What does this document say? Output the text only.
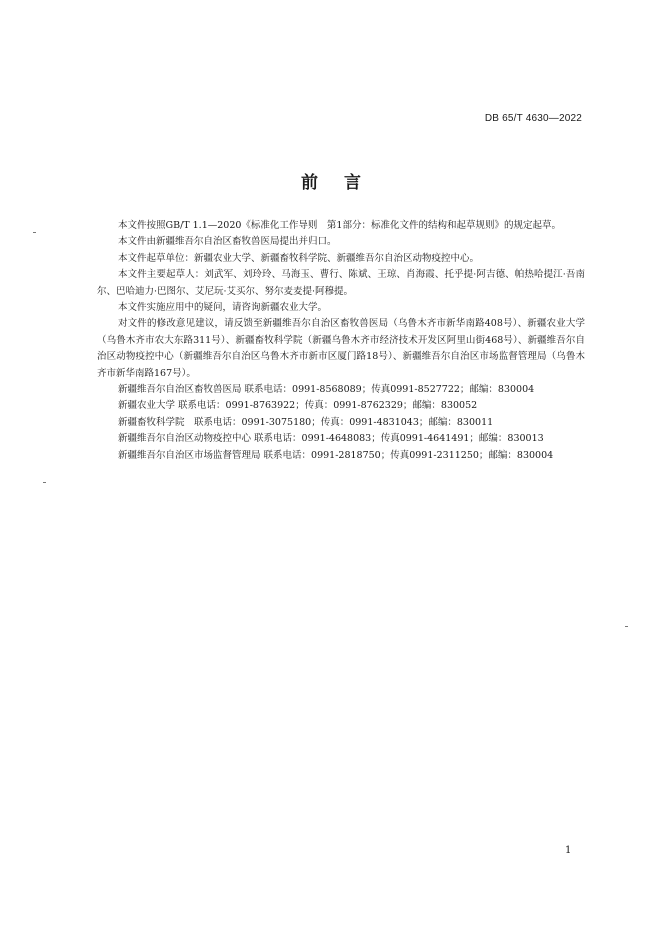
DB 65/T 4630—2022
前 言

本文件按照GB/T 1.1—2020《标准化工作导则　第1部分：标准化文件的结构和起草规则》的规定起草。

本文件由新疆维吾尔自治区畜牧兽医局提出并归口。

本文件起草单位：新疆农业大学、新疆畜牧科学院、新疆维吾尔自治区动物疫控中心。

本文件主要起草人：刘武军、刘玲玲、马海玉、曹行、陈斌、王琼、肖海霞、托乎提·阿吉德、帕热哈提江·吾南尔、巴哈迪力·巴图尔、艾尼玩·艾买尔、努尔麦麦提·阿穆提。

本文件实施应用中的疑问，请咨询新疆农业大学。

对文件的修改意见建议，请反馈至新疆维吾尔自治区畜牧兽医局（乌鲁木齐市新华南路408号）、新疆农业大学（乌鲁木齐市农大东路311号）、新疆畜牧科学院（新疆乌鲁木齐市经济技术开发区阿里山街468号）、新疆维吾尔自治区动物疫控中心（新疆维吾尔自治区乌鲁木齐市新市区厦门路18号）、新疆维吾尔自治区市场监督管理局（乌鲁木齐市新华南路167号）。

新疆维吾尔自治区畜牧兽医局 联系电话：0991-8568089；传真0991-8527722；邮编：830004

新疆农业大学 联系电话：0991-8763922；传真：0991-8762329；邮编：830052

新疆畜牧科学院　联系电话：0991-3075180；传真：0991-4831043；邮编：830011

新疆维吾尔自治区动物疫控中心 联系电话：0991-4648083；传真0991-4641491；邮编：830013

新疆维吾尔自治区市场监督管理局 联系电话：0991-2818750；传真0991-2311250；邮编：830004

1
